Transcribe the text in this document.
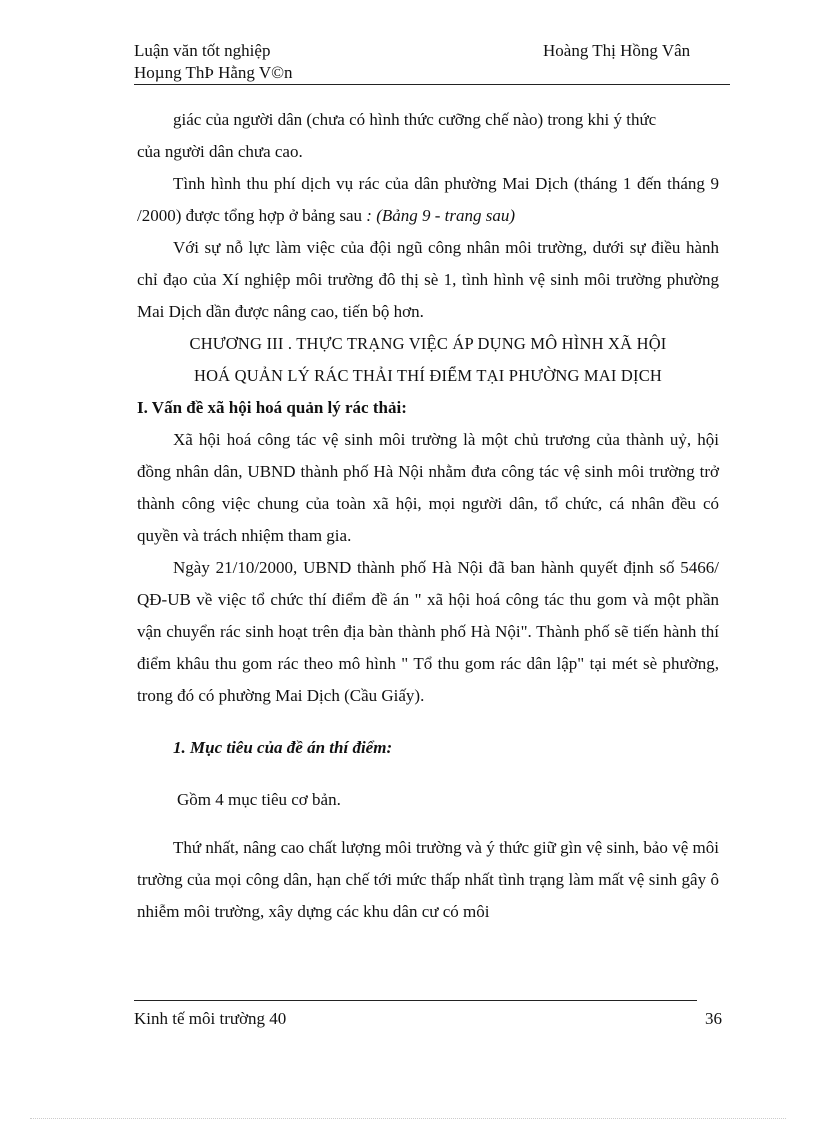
Luận văn tốt nghiệp
Hoµng ThÞ Hằng V©n
Hoàng Thị Hồng Vân

giác của người dân (chưa có hình thức cưỡng chế nào) trong khi ý thức

của người dân chưa cao.

Tình hình thu phí dịch vụ rác của dân phường Mai Dịch (tháng 1 đến tháng 9 /2000) được tổng hợp ở bảng sau : (Bảng 9 - trang sau)

Với sự nỗ lực làm việc của đội ngũ công nhân môi trường, dưới sự điều hành chỉ đạo của Xí nghiệp môi trường đô thị sè 1, tình hình vệ sinh môi trường phường Mai Dịch dần được nâng cao, tiến bộ hơn.

CHƯƠNG III . THỰC TRẠNG VIỆC ÁP DỤNG MÔ HÌNH XÃ HỘI

HOÁ QUẢN LÝ RÁC THẢI THÍ ĐIỂM TẠI PHƯỜNG MAI DỊCH

I. Vấn đề xã hội hoá quản lý rác thải:

Xã hội hoá công tác vệ sinh môi trường là một chủ trương của thành uỷ, hội đồng nhân dân, UBND thành phố Hà Nội nhằm đưa công tác vệ sinh môi trường trở thành công việc chung của toàn xã hội, mọi người dân, tổ chức, cá nhân đều có quyền và trách nhiệm tham gia.

Ngày 21/10/2000, UBND thành phố Hà Nội đã ban hành quyết định số 5466/ QĐ-UB về việc tổ chức thí điểm đề án " xã hội hoá công tác thu gom và một phần vận chuyển rác sinh hoạt trên địa bàn thành phố Hà Nội". Thành phố sẽ tiến hành thí điểm khâu thu gom rác theo mô hình " Tổ thu gom rác dân lập" tại mét sè phường, trong đó có phường Mai Dịch (Cầu Giấy).

1. Mục tiêu của đề án thí điểm:

Gồm 4 mục tiêu cơ bản.

Thứ nhất, nâng cao chất lượng môi trường và ý thức giữ gìn vệ sinh, bảo vệ môi trường của mọi công dân, hạn chế tới mức thấp nhất tình trạng làm mất vệ sinh gây ô nhiễm môi trường, xây dựng các khu dân cư có môi

Kinh tế môi trường 40	36
